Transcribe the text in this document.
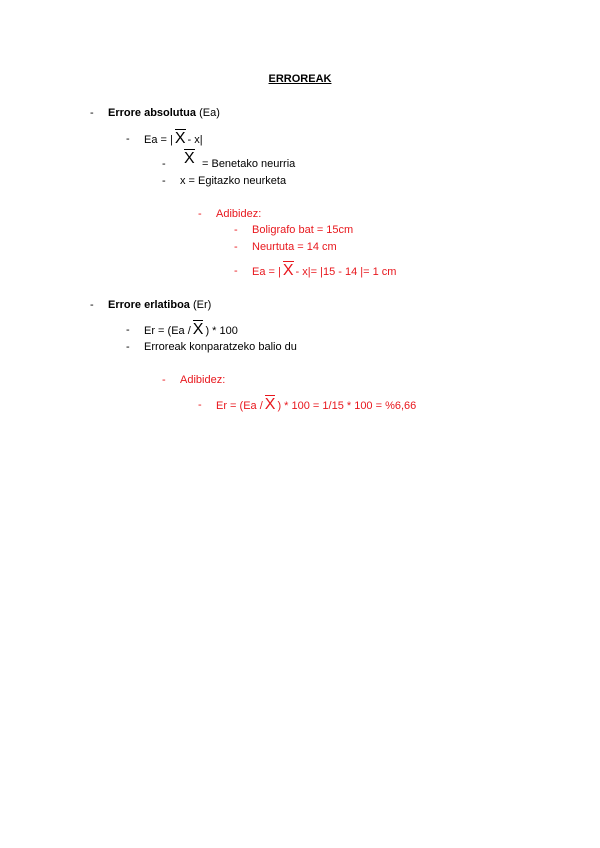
ERROREAK
- Errore absolutua (Ea)
- Ea = | X - x|
- X = Benetako neurria
- x = Egitazko neurketa
- Adibidez:
- Boligrafo bat = 15cm
- Neurtuta = 14 cm
- Ea = | X - x|= |15 - 14 |= 1 cm
- Errore erlatiboa (Er)
- Er = (Ea / X ) * 100
- Erroreak konparatzeko balio du
- Adibidez:
- Er = (Ea / X ) * 100 = 1/15 * 100 = %6,66
